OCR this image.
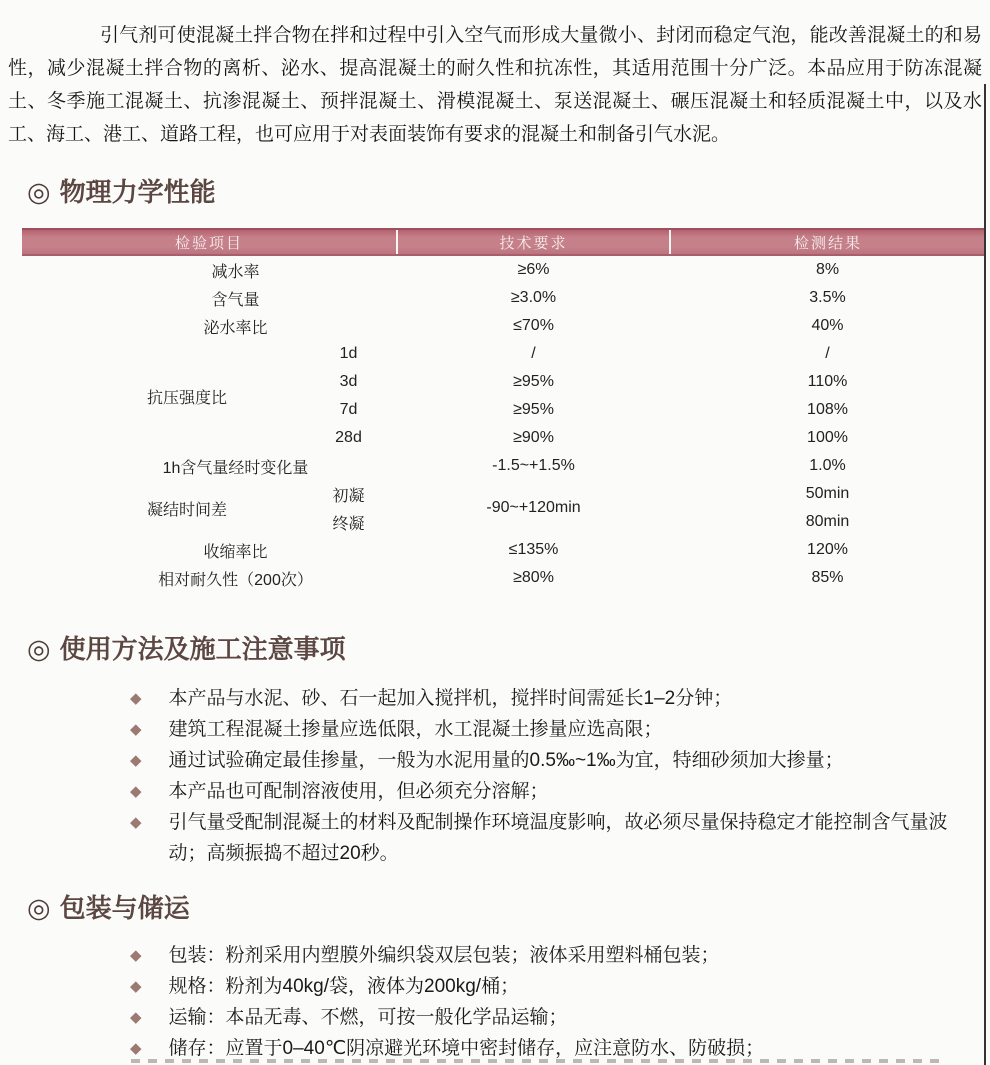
引气剂可使混凝土拌合物在拌和过程中引入空气而形成大量微小、封闭而稳定气泡，能改善混凝土的和易性，减少混凝土拌合物的离析、泌水、提高混凝土的耐久性和抗冻性，其适用范围十分广泛。本品应用于防冻混凝土、冬季施工混凝土、抗渗混凝土、预拌混凝土、滑模混凝土、泵送混凝土、碾压混凝土和轻质混凝土中，以及水工、海工、港工、道路工程，也可应用于对表面装饰有要求的混凝土和制备引气水泥。

◎ 物理力学性能
检验项目		技术要求	检测结果
减水率		≥6%	8%
含气量		≥3.0%	3.5%
泌水率比		≤70%	40%
抗压强度比	1d	/	/
	3d	≥95%	110%
	7d	≥95%	108%
	28d	≥90%	100%
1h含气量经时变化量		-1.5~+1.5%	1.0%
凝结时间差	初凝	-90~+120min	50min
	终凝		80min
收缩率比		≤135%	120%
相对耐久性（200次）		≥80%	85%
◎ 使用方法及施工注意事项
◆ 本产品与水泥、砂、石一起加入搅拌机，搅拌时间需延长1–2分钟；
◆ 建筑工程混凝土掺量应选低限，水工混凝土掺量应选高限；
◆ 通过试验确定最佳掺量，一般为水泥用量的0.5‰~1‰为宜，特细砂须加大掺量；
◆ 本产品也可配制溶液使用，但必须充分溶解；
◆ 引气量受配制混凝土的材料及配制操作环境温度影响，故必须尽量保持稳定才能控制含气量波动；高频振捣不超过20秒。
◎ 包装与储运
◆ 包装：粉剂采用内塑膜外编织袋双层包装；液体采用塑料桶包装；
◆ 规格：粉剂为40kg/袋，液体为200kg/桶；
◆ 运输：本品无毒、不燃，可按一般化学品运输；
◆ 储存：应置于0–40℃阴凉避光环境中密封储存，应注意防水、防破损；
